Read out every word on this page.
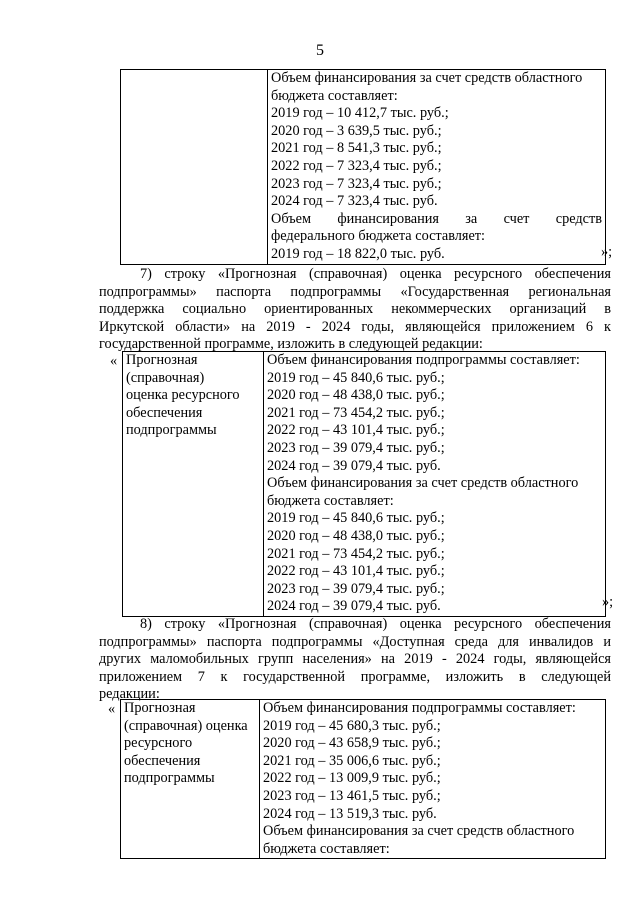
5

Объем финансирования за счет средств областного
бюджета составляет:
2019 год – 10 412,7 тыс. руб.;
2020 год – 3 639,5 тыс. руб.;
2021 год – 8 541,3 тыс. руб.;
2022 год – 7 323,4 тыс. руб.;
2023 год – 7 323,4 тыс. руб.;
2024 год – 7 323,4 тыс. руб.
Объем финансирования за счет средств
федерального бюджета составляет:
2019 год – 18 822,0 тыс. руб.	»;
7) строку «Прогнозная (справочная) оценка ресурсного обеспечения
подпрограммы» паспорта подпрограммы «Государственная региональная
поддержка социально ориентированных некоммерческих организаций в
Иркутской области» на 2019 - 2024 годы, являющейся приложением 6 к
государственной программе, изложить в следующей редакции:
« Прогнозная
(справочная)
оценка ресурсного
обеспечения
подпрограммы

Объем финансирования подпрограммы составляет:
2019 год – 45 840,6 тыс. руб.;
2020 год – 48 438,0 тыс. руб.;
2021 год – 73 454,2 тыс. руб.;
2022 год – 43 101,4 тыс. руб.;
2023 год – 39 079,4 тыс. руб.;
2024 год – 39 079,4 тыс. руб.
Объем финансирования за счет средств областного
бюджета составляет:
2019 год – 45 840,6 тыс. руб.;
2020 год – 48 438,0 тыс. руб.;
2021 год – 73 454,2 тыс. руб.;
2022 год – 43 101,4 тыс. руб.;
2023 год – 39 079,4 тыс. руб.;
2024 год – 39 079,4 тыс. руб.	»;
8) строку «Прогнозная (справочная) оценка ресурсного обеспечения
подпрограммы» паспорта подпрограммы «Доступная среда для инвалидов и
других маломобильных групп населения» на 2019 - 2024 годы, являющейся
приложением 7 к государственной программе, изложить в следующей
редакции:
« Прогнозная
(справочная) оценка
ресурсного
обеспечения
подпрограммы

Объем финансирования подпрограммы составляет:
2019 год – 45 680,3 тыс. руб.;
2020 год – 43 658,9 тыс. руб.;
2021 год – 35 006,6 тыс. руб.;
2022 год – 13 009,9 тыс. руб.;
2023 год – 13 461,5 тыс. руб.;
2024 год – 13 519,3 тыс. руб.
Объем финансирования за счет средств областного
бюджета составляет:
